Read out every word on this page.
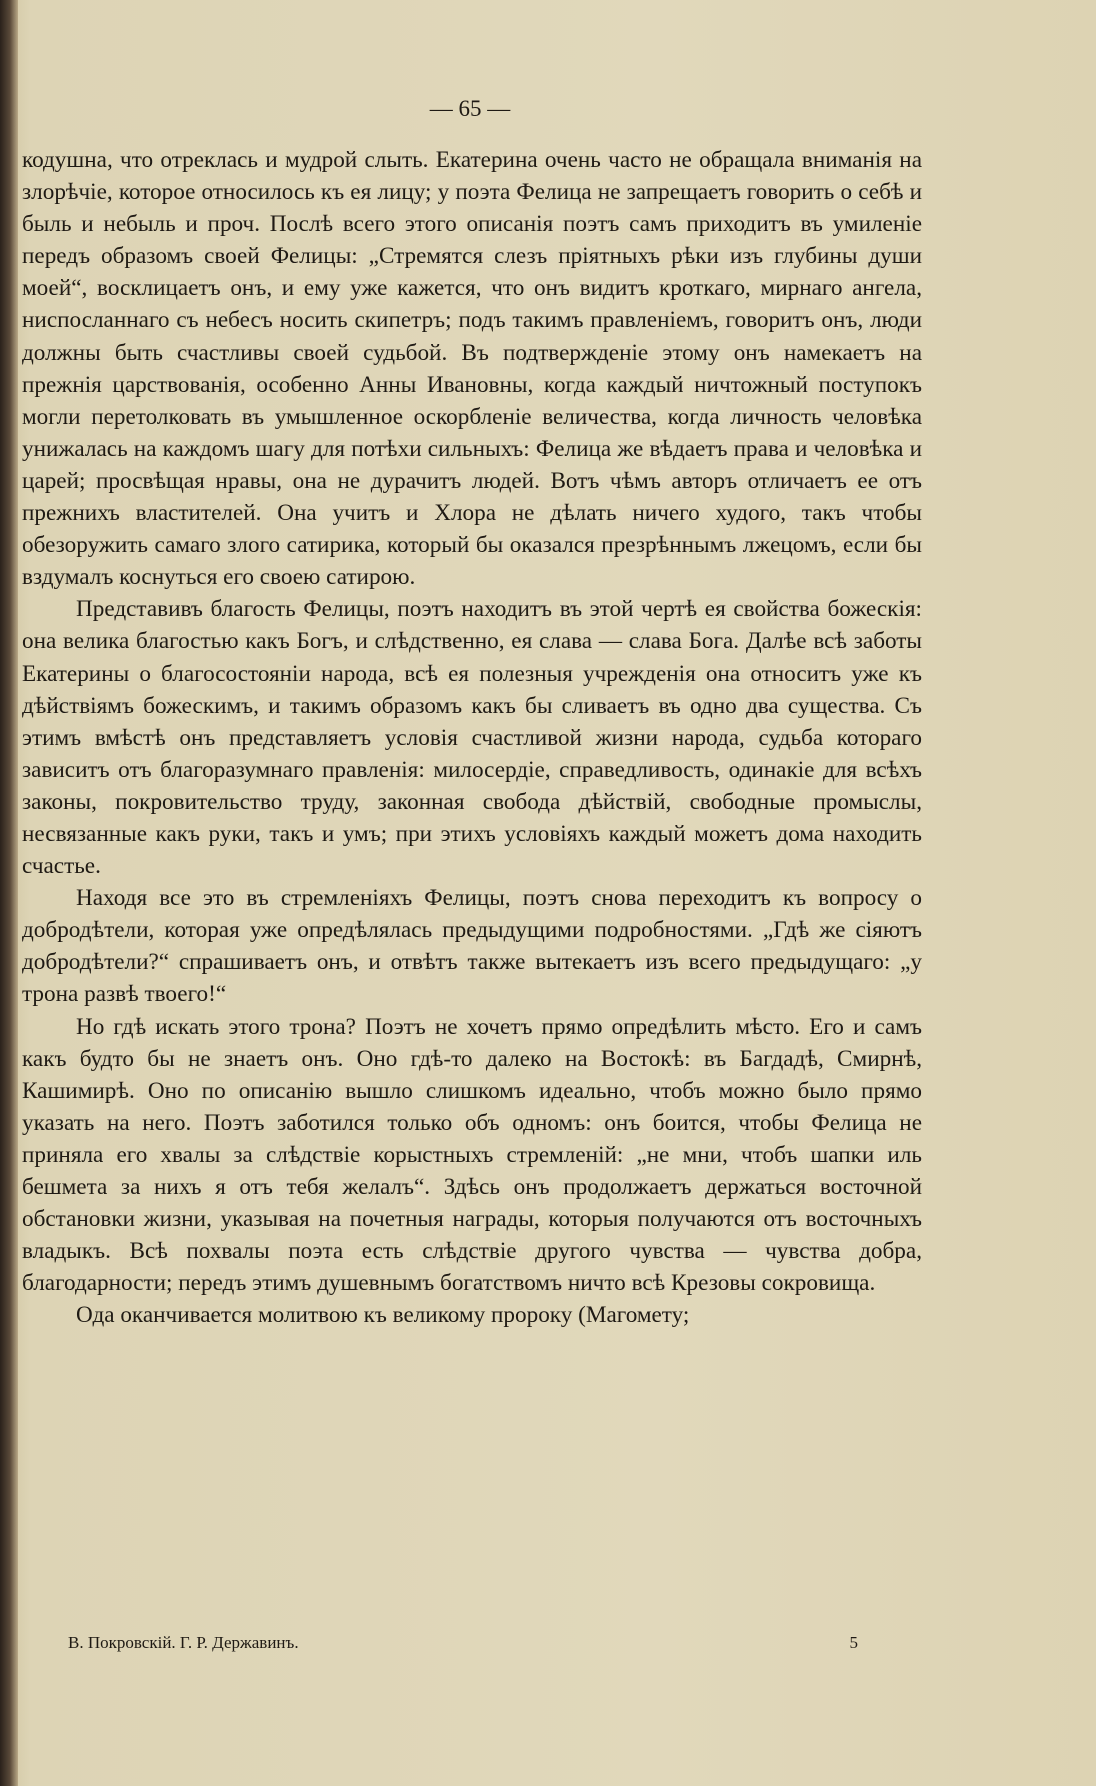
— 65 —

кодушна, что отреклась и мудрой слыть. Екатерина очень часто не обращала вниманія на злорѣчіе, которое относилось къ ея лицу; у поэта Фелица не запрещаетъ говорить о себѣ и быль и небыль и проч. Послѣ всего этого описанія поэтъ самъ приходитъ въ умиленіе передъ образомъ своей Фелицы: „Стремятся слезъ пріятныхъ рѣки изъ глубины души моей“, восклицаетъ онъ, и ему уже кажется, что онъ видитъ кроткаго, мирнаго ангела, ниспосланнаго съ небесъ носить скипетръ; подъ такимъ правленіемъ, говоритъ онъ, люди должны быть счастливы своей судьбой. Въ подтвержденіе этому онъ намекаетъ на прежнія царствованія, особенно Анны Ивановны, когда каждый ничтожный поступокъ могли перетолковать въ умышленное оскорбленіе величества, когда личность человѣка унижалась на каждомъ шагу для потѣхи сильныхъ: Фелица же вѣдаетъ права и человѣка и царей; просвѣщая нравы, она не дурачитъ людей. Вотъ чѣмъ авторъ отличаетъ ее отъ прежнихъ властителей. Она учитъ и Хлора не дѣлать ничего худого, такъ чтобы обезоружить самаго злого сатирика, который бы оказался презрѣннымъ лжецомъ, если бы вздумалъ коснуться его своею сатирою.

Представивъ благость Фелицы, поэтъ находитъ въ этой чертѣ ея свойства божескія: она велика благостью какъ Богъ, и слѣдственно, ея слава — слава Бога. Далѣе всѣ заботы Екатерины о благосостояніи народа, всѣ ея полезныя учрежденія она относитъ уже къ дѣйствіямъ божескимъ, и такимъ образомъ какъ бы сливаетъ въ одно два существа. Съ этимъ вмѣстѣ онъ представляетъ условія счастливой жизни народа, судьба котораго зависитъ отъ благоразумнаго правленія: милосердіе, справедливость, одинакіе для всѣхъ законы, покровительство труду, законная свобода дѣйствій, свободные промыслы, несвязанные какъ руки, такъ и умъ; при этихъ условіяхъ каждый можетъ дома находить счастье.

Находя все это въ стремленіяхъ Фелицы, поэтъ снова переходитъ къ вопросу о добродѣтели, которая уже опредѣлялась предыдущими подробностями. „Гдѣ же сіяютъ добродѣтели?“ спрашиваетъ онъ, и отвѣтъ также вытекаетъ изъ всего предыдущаго: „у трона развѣ твоего!“

Но гдѣ искать этого трона? Поэтъ не хочетъ прямо опредѣлить мѣсто. Его и самъ какъ будто бы не знаетъ онъ. Оно гдѣ-то далеко на Востокѣ: въ Багдадѣ, Смирнѣ, Кашимирѣ. Оно по описанію вышло слишкомъ идеально, чтобъ можно было прямо указать на него. Поэтъ заботился только объ одномъ: онъ боится, чтобы Фелица не приняла его хвалы за слѣдствіе корыстныхъ стремленій: „не мни, чтобъ шапки иль бешмета за нихъ я отъ тебя желалъ“. Здѣсь онъ продолжаетъ держаться восточной обстановки жизни, указывая на почетныя награды, которыя получаются отъ восточныхъ владыкъ. Всѣ похвалы поэта есть слѣдствіе другого чувства — чувства добра, благодарности; передъ этимъ душевнымъ богатствомъ ничто всѣ Крезовы сокровища.

Ода оканчивается молитвою къ великому пророку (Магомету;

В. Покровскій. Г. Р. Державинъ.	5
